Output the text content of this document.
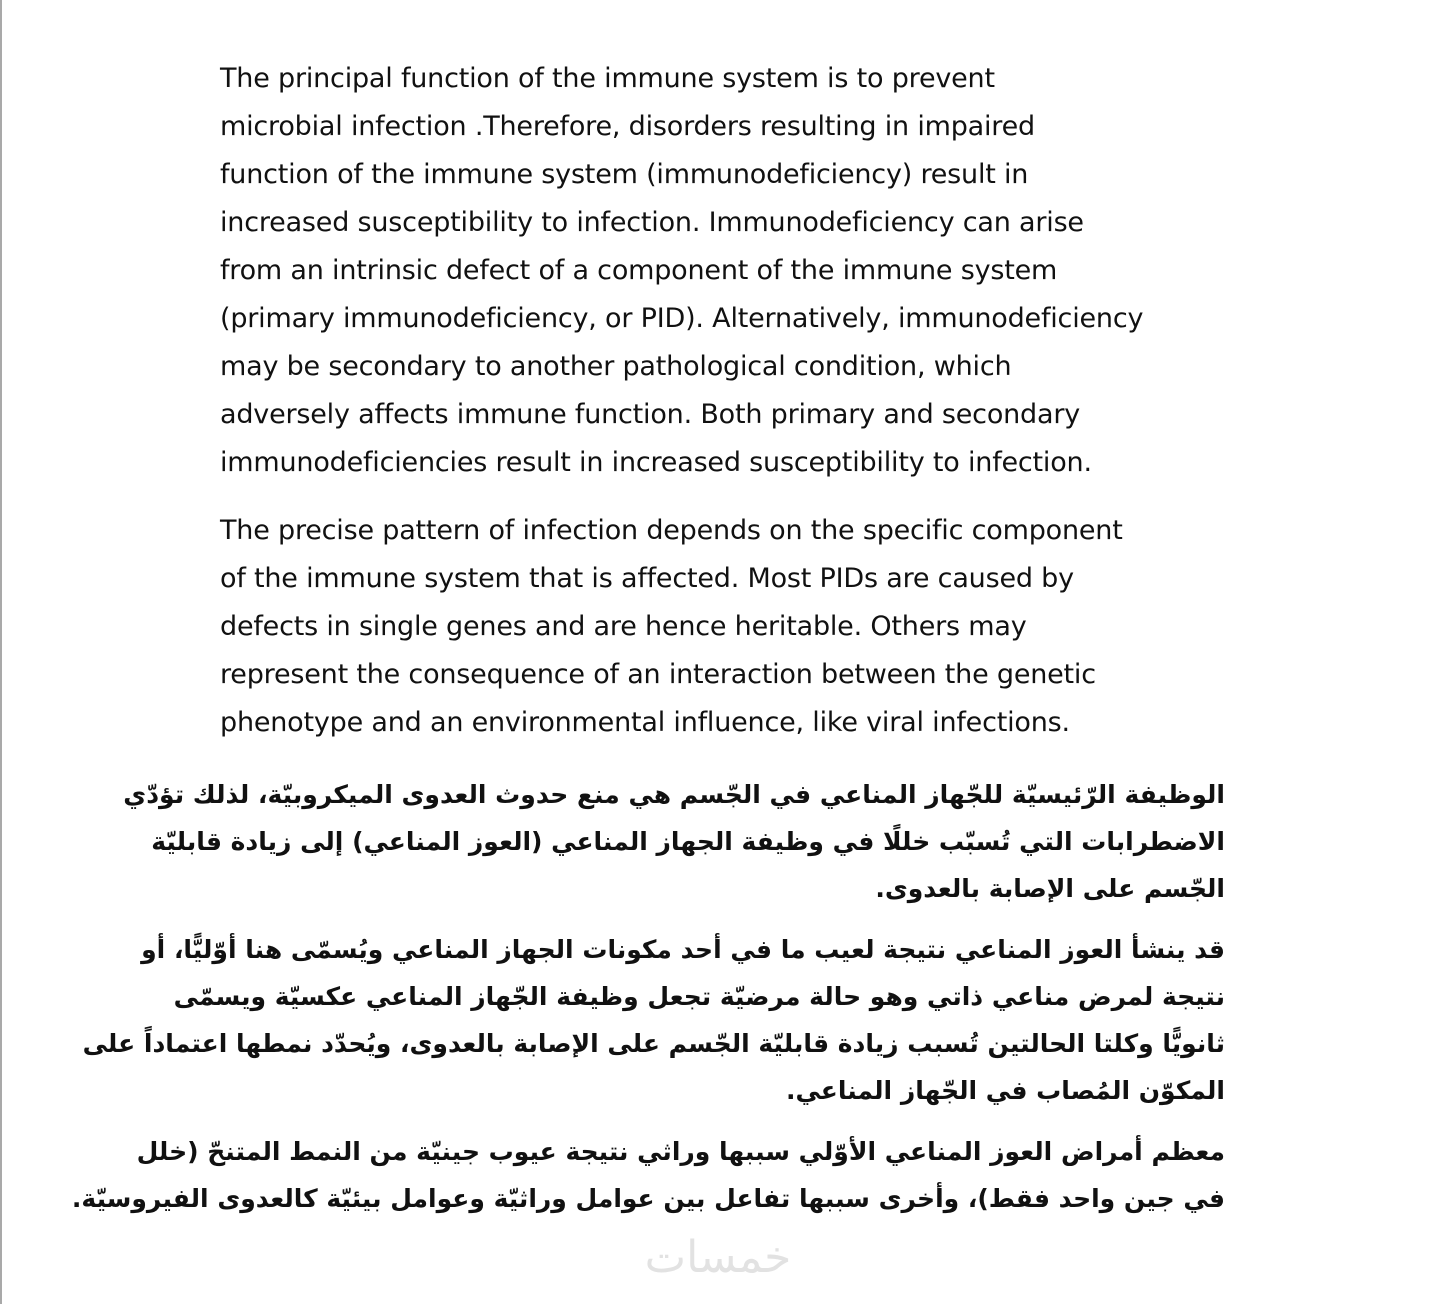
The principal function of the immune system is to prevent
microbial infection .Therefore, disorders resulting in impaired
function of the immune system (immunodeficiency) result in
increased susceptibility to infection. Immunodeficiency can arise
from an intrinsic defect of a component of the immune system
(primary immunodeficiency, or PID). Alternatively, immunodeficiency
may be secondary to another pathological condition, which
adversely affects immune function. Both primary and secondary
immunodeficiencies result in increased susceptibility to infection.
The precise pattern of infection depends on the specific component
of the immune system that is affected. Most PIDs are caused by
defects in single genes and are hence heritable. Others may
represent the consequence of an interaction between the genetic
phenotype and an environmental influence, like viral infections.
الوظيفة الرّئيسيّة للجّهاز المناعي في الجّسم هي منع حدوث العدوى الميكروبيّة، لذلك تؤدّي
الاضطرابات التي تُسبّب خللًا في وظيفة الجهاز المناعي (العوز المناعي) إلى زيادة قابليّة
الجّسم على الإصابة بالعدوى.
قد ينشأ العوز المناعي نتيجة لعيب ما في أحد مكونات الجهاز المناعي ويُسمّى هنا أوّليًّا، أو
نتيجة لمرض مناعي ذاتي وهو حالة مرضيّة تجعل وظيفة الجّهاز المناعي عكسيّة ويسمّى
ثانويًّا وكلتا الحالتين تُسبب زيادة قابليّة الجّسم على الإصابة بالعدوى، ويُحدّد نمطها اعتماداً على
المكوّن المُصاب في الجّهاز المناعي.
معظم أمراض العوز المناعي الأوّلي سببها وراثي نتيجة عيوب جينيّة من النمط المتنحّ (خلل
في جين واحد فقط)، وأخرى سببها تفاعل بين عوامل وراثيّة وعوامل بيئيّة كالعدوى الفيروسيّة.
خمسات
